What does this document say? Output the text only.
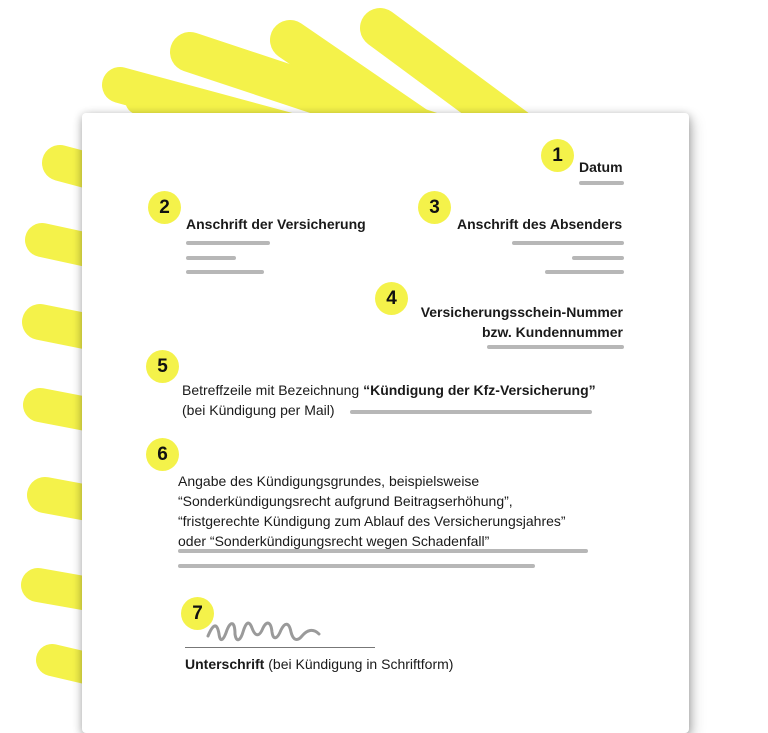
1
Datum
2
Anschrift der Versicherung
3
Anschrift des Absenders
4
Versicherungsschein-Nummer
bzw. Kundennummer
5
Betreffzeile mit Bezeichnung “Kündigung der Kfz-Versicherung”
(bei Kündigung per Mail)
6
Angabe des Kündigungsgrundes, beispielsweise
“Sonderkündigungsrecht aufgrund Beitragserhöhung”,
“fristgerechte Kündigung zum Ablauf des Versicherungsjahres”
oder “Sonderkündigungsrecht wegen Schadenfall”
7
Unterschrift (bei Kündigung in Schriftform)
